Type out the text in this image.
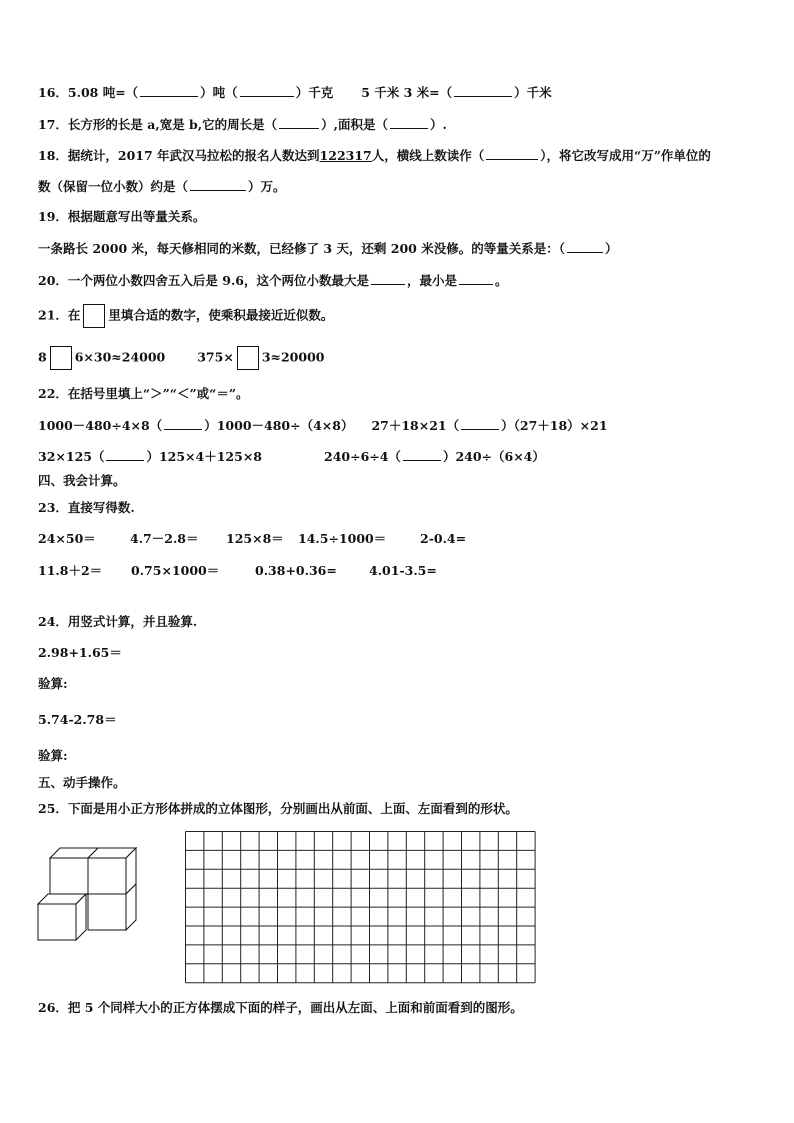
16．5.08 吨=（	）吨（	）千克 5 千米 3 米=（	）千米
17．长方形的长是 a,宽是 b,它的周长是（	）,面积是（	）.
18．据统计，2017 年武汉马拉松的报名人数达到122317人，横线上数读作（	），将它改写成用“万”作单位的
数（保留一位小数）约是（	）万。
19．根据题意写出等量关系。
一条路长 2000 米，每天修相同的米数，已经修了 3 天，还剩 200 米没修。的等量关系是：（	）
20．一个两位小数四舍五入后是 9.6，这个两位小数最大是	，最小是	。
21．在 里填合适的数字，使乘积最接近近似数。
8 6×30≈24000	375× 3≈20000
22．在括号里填上“＞”“＜”或“＝”。
1000－480÷4×8（	）1000－480÷（4×8） 27＋18×21（	）（27＋18）×21
32×125（	）125×4＋125×8	240÷6÷4（	）240÷（6×4）
四、我会计算。
23．直接写得数.
24×50＝	4.7－2.8＝ 125×8＝ 14.5÷1000＝	2-0.4=
11.8＋2＝ 0.75×1000＝	0.38+0.36=	4.01-3.5=
24．用竖式计算，并且验算.
2.98+1.65＝
验算:
5.74-2.78＝
验算:
五、动手操作。
25．下面是用小正方形体拼成的立体图形，分别画出从前面、上面、左面看到的形状。
26．把 5 个同样大小的正方体摆成下面的样子，画出从左面、上面和前面看到的图形。
